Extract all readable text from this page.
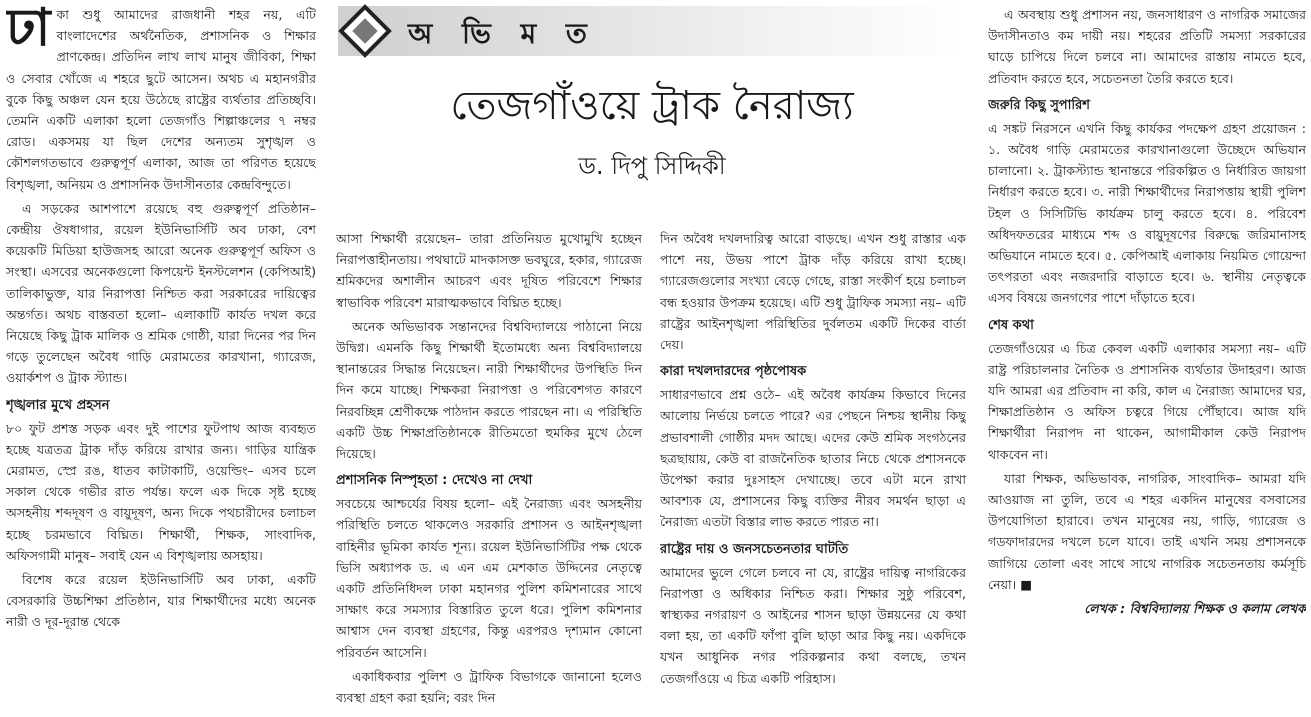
অ ভি ম ত
তেজগাঁওয়ে ট্রাক নৈরাজ্য
ড. দিপু সিদ্দিকী
ঢা কা শুধু আমাদের রাজধানী শহর নয়, এটি বাংলাদেশের অর্থনৈতিক, প্রশাসনিক ও শিক্ষার প্রাণকেন্দ্র। প্রতিদিন লাখ লাখ মানুষ জীবিকা, শিক্ষা ও সেবার খোঁজে এ শহরে ছুটে আসেন। অথচ এ মহানগরীর বুকে কিছু অঞ্চল যেন হয়ে উঠেছে রাষ্ট্রের ব্যর্থতার প্রতিচ্ছবি। তেমনি একটি এলাকা হলো তেজগাঁও শিল্পাঞ্চলের ৭ নম্বর রোড। একসময় যা ছিল দেশের অন্যতম সুশৃঙ্খল ও কৌশলগতভাবে গুরুত্বপূর্ণ এলাকা, আজ তা পরিণত হয়েছে বিশৃঙ্খলা, অনিয়ম ও প্রশাসনিক উদাসীনতার কেন্দ্রবিন্দুতে।

এ সড়কের আশপাশে রয়েছে বহু গুরুত্বপূর্ণ প্রতিষ্ঠান– কেন্দ্রীয় ঔষধাগার, রয়েল ইউনিভার্সিটি অব ঢাকা, বেশ কয়েকটি মিডিয়া হাউজসহ আরো অনেক গুরুত্বপূর্ণ অফিস ও সংস্থা। এসবের অনেকগুলো কিপয়েন্ট ইনস্টলেশন (কেপিআই) তালিকাভুক্ত, যার নিরাপত্তা নিশ্চিত করা সরকারের দায়িত্বের অন্তর্গত। অথচ বাস্তবতা হলো– এলাকাটি কার্যত দখল করে নিয়েছে কিছু ট্রাক মালিক ও শ্রমিক গোষ্ঠী, যারা দিনের পর দিন গড়ে তুলেছেন অবৈধ গাড়ি মেরামতের কারখানা, গ্যারেজ, ওয়ার্কশপ ও ট্রাক স্ট্যান্ড।

শৃঙ্খলার মুখে প্রহসন

৮০ ফুট প্রশস্ত সড়ক এবং দুই পাশের ফুটপাথ আজ ব্যবহৃত হচ্ছে যত্রতত্র ট্রাক দাঁড় করিয়ে রাখার জন্য। গাড়ির যান্ত্রিক মেরামত, স্প্রে রঙ, ধাতব কাটাকাটি, ওয়েল্ডিং– এসব চলে সকাল থেকে গভীর রাত পর্যন্ত। ফলে এক দিকে সৃষ্ট হচ্ছে অসহনীয় শব্দদূষণ ও বায়ুদূষণ, অন্য দিকে পথচারীদের চলাচল হচ্ছে চরমভাবে বিঘ্নিত। শিক্ষার্থী, শিক্ষক, সাংবাদিক, অফিসগামী মানুষ– সবাই যেন এ বিশৃঙ্খলায় অসহায়।

বিশেষ করে রয়েল ইউনিভার্সিটি অব ঢাকা, একটি বেসরকারি উচ্চশিক্ষা প্রতিষ্ঠান, যার শিক্ষার্থীদের মধ্যে অনেক নারী ও দূর-দূরান্ত থেকে

আসা শিক্ষার্থী রয়েছেন– তারা প্রতিনিয়ত মুখোমুখি হচ্ছেন নিরাপত্তাহীনতায়। পথঘাটে মাদকাসক্ত ভবঘুরে, হকার, গ্যারেজ শ্রমিকদের অশালীন আচরণ এবং দূষিত পরিবেশে শিক্ষার স্বাভাবিক পরিবেশ মারাত্মকভাবে বিঘ্নিত হচ্ছে।

অনেক অভিভাবক সন্তানদের বিশ্ববিদ্যালয়ে পাঠানো নিয়ে উদ্বিগ্ন। এমনকি কিছু শিক্ষার্থী ইতোমধ্যে অন্য বিশ্ববিদ্যালয়ে স্থানান্তরের সিদ্ধান্ত নিয়েছেন। নারী শিক্ষার্থীদের উপস্থিতি দিন দিন কমে যাচ্ছে। শিক্ষকরা নিরাপত্তা ও পরিবেশগত কারণে নিরবচ্ছিন্ন শ্রেণীকক্ষে পাঠদান করতে পারছেন না। এ পরিস্থিতি একটি উচ্চ শিক্ষাপ্রতিষ্ঠানকে রীতিমতো হুমকির মুখে ঠেলে দিয়েছে।

প্রশাসনিক নিস্পৃহতা : দেখেও না দেখা

সবচেয়ে আশ্চর্যের বিষয় হলো– এই নৈরাজ্য এবং অসহনীয় পরিস্থিতি চলতে থাকলেও সরকারি প্রশাসন ও আইনশৃঙ্খলা বাহিনীর ভূমিকা কার্যত শূন্য। রয়েল ইউনিভার্সিটির পক্ষ থেকে ভিসি অধ্যাপক ড. এ এন এম মেশকাত উদ্দিনের নেতৃত্বে একটি প্রতিনিধিদল ঢাকা মহানগর পুলিশ কমিশনারের সাথে সাক্ষাৎ করে সমস্যার বিস্তারিত তুলে ধরে। পুলিশ কমিশনার আশ্বাস দেন ব্যবস্থা গ্রহণের, কিন্তু এরপরও দৃশ্যমান কোনো পরিবর্তন আসেনি।

একাধিকবার পুলিশ ও ট্রাফিক বিভাগকে জানানো হলেও ব্যবস্থা গ্রহণ করা হয়নি; বরং দিন

দিন অবৈধ দখলদারিত্ব আরো বাড়ছে। এখন শুধু রাস্তার এক পাশে নয়, উভয় পাশে ট্রাক দাঁড় করিয়ে রাখা হচ্ছে। গ্যারেজগুলোর সংখ্যা বেড়ে গেছে, রাস্তা সংকীর্ণ হয়ে চলাচল বন্ধ হওয়ার উপক্রম হয়েছে। এটি শুধু ট্রাফিক সমস্যা নয়– এটি রাষ্ট্রের আইনশৃঙ্খলা পরিস্থিতির দুর্বলতম একটি দিকের বার্তা দেয়।

কারা দখলদারদের পৃষ্ঠপোষক

সাধারণভাবে প্রশ্ন ওঠে– এই অবৈধ কার্যক্রম কিভাবে দিনের আলোয় নির্ভয়ে চলতে পারে? এর পেছনে নিশ্চয় স্থানীয় কিছু প্রভাবশালী গোষ্ঠীর মদদ আছে। এদের কেউ শ্রমিক সংগঠনের ছত্রছায়ায়, কেউ বা রাজনৈতিক ছাতার নিচে থেকে প্রশাসনকে উপেক্ষা করার দুঃসাহস দেখাচ্ছে। তবে এটা মনে রাখা আবশ্যক যে, প্রশাসনের কিছু ব্যক্তির নীরব সমর্থন ছাড়া এ নৈরাজ্য এতটা বিস্তার লাভ করতে পারত না।

রাষ্ট্রের দায় ও জনসচেতনতার ঘাটতি

আমাদের ভুলে গেলে চলবে না যে, রাষ্ট্রের দায়িত্ব নাগরিকের নিরাপত্তা ও অধিকার নিশ্চিত করা। শিক্ষার সুষ্ঠু পরিবেশ, স্বাস্থ্যকর নগরায়ণ ও আইনের শাসন ছাড়া উন্নয়নের যে কথা বলা হয়, তা একটি ফাঁপা বুলি ছাড়া আর কিছু নয়। একদিকে যখন আধুনিক নগর পরিকল্পনার কথা বলছে, তখন তেজগাঁওয়ে এ চিত্র একটি পরিহাস।

এ অবস্থায় শুধু প্রশাসন নয়, জনসাধারণ ও নাগরিক সমাজের উদাসীনতাও কম দায়ী নয়। শহরের প্রতিটি সমস্যা সরকারের ঘাড়ে চাপিয়ে দিলে চলবে না। আমাদের রাস্তায় নামতে হবে, প্রতিবাদ করতে হবে, সচেতনতা তৈরি করতে হবে।

জরুরি কিছু সুপারিশ

এ সঙ্কট নিরসনে এখনি কিছু কার্যকর পদক্ষেপ গ্রহণ প্রয়োজন : ১. অবৈধ গাড়ি মেরামতের কারখানাগুলো উচ্ছেদে অভিযান চালানো। ২. ট্রাকস্ট্যান্ড স্থানান্তরে পরিকল্পিত ও নির্ধারিত জায়গা নির্ধারণ করতে হবে। ৩. নারী শিক্ষার্থীদের নিরাপত্তায় স্থায়ী পুলিশ টহল ও সিসিটিভি কার্যক্রম চালু করতে হবে। ৪. পরিবেশ অধিদফতরের মাধ্যমে শব্দ ও বায়ুদূষণের বিরুদ্ধে জরিমানাসহ অভিযানে নামতে হবে। ৫. কেপিআই এলাকায় নিয়মিত গোয়েন্দা তৎপরতা এবং নজরদারি বাড়াতে হবে। ৬. স্থানীয় নেতৃত্বকে এসব বিষয়ে জনগণের পাশে দাঁড়াতে হবে।

শেষ কথা

তেজগাঁওয়ের এ চিত্র কেবল একটি এলাকার সমস্যা নয়– এটি রাষ্ট্র পরিচালনার নৈতিক ও প্রশাসনিক ব্যর্থতার উদাহরণ। আজ যদি আমরা এর প্রতিবাদ না করি, কাল এ নৈরাজ্য আমাদের ঘর, শিক্ষাপ্রতিষ্ঠান ও অফিস চত্বরে গিয়ে পৌঁছাবে। আজ যদি শিক্ষার্থীরা নিরাপদ না থাকেন, আগামীকাল কেউ নিরাপদ থাকবেন না।

যারা শিক্ষক, অভিভাবক, নাগরিক, সাংবাদিক– আমরা যদি আওয়াজ না তুলি, তবে এ শহর একদিন মানুষের বসবাসের উপযোগিতা হারাবে। তখন মানুষের নয়, গাড়ি, গ্যারেজ ও গডফাদারদের দখলে চলে যাবে। তাই এখনি সময় প্রশাসনকে জাগিয়ে তোলা এবং সাথে সাথে নাগরিক সচেতনতায় কর্মসূচি নেয়া। ■

লেখক : বিশ্ববিদ্যালয় শিক্ষক ও কলাম লেখক
